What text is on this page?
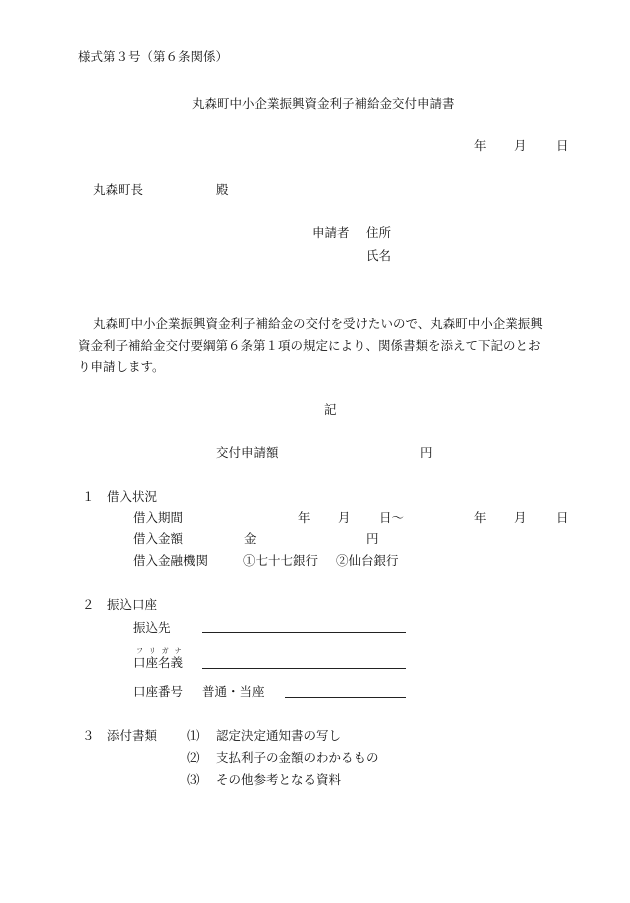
様式第３号（第６条関係）
丸森町中小企業振興資金利子補給金交付申請書
年 月 日
丸森町長	殿
申請者 住所
氏名
丸森町中小企業振興資金利子補給金の交付を受けたいので、丸森町中小企業振興
資金利子補給金交付要綱第６条第１項の規定により、関係書類を添えて下記のとお
り申請します。
記
交付申請額	円
１ 借入状況
借入期間	年 月 日〜	年 月 日
借入金額	金	円
借入金融機関	①七十七銀行 ②仙台銀行
２ 振込口座
振込先
フリガナ
口座名義
口座番号 普通・当座
３ 添付書類 ⑴ 認定決定通知書の写し
⑵ 支払利子の金額のわかるもの
⑶ その他参考となる資料
